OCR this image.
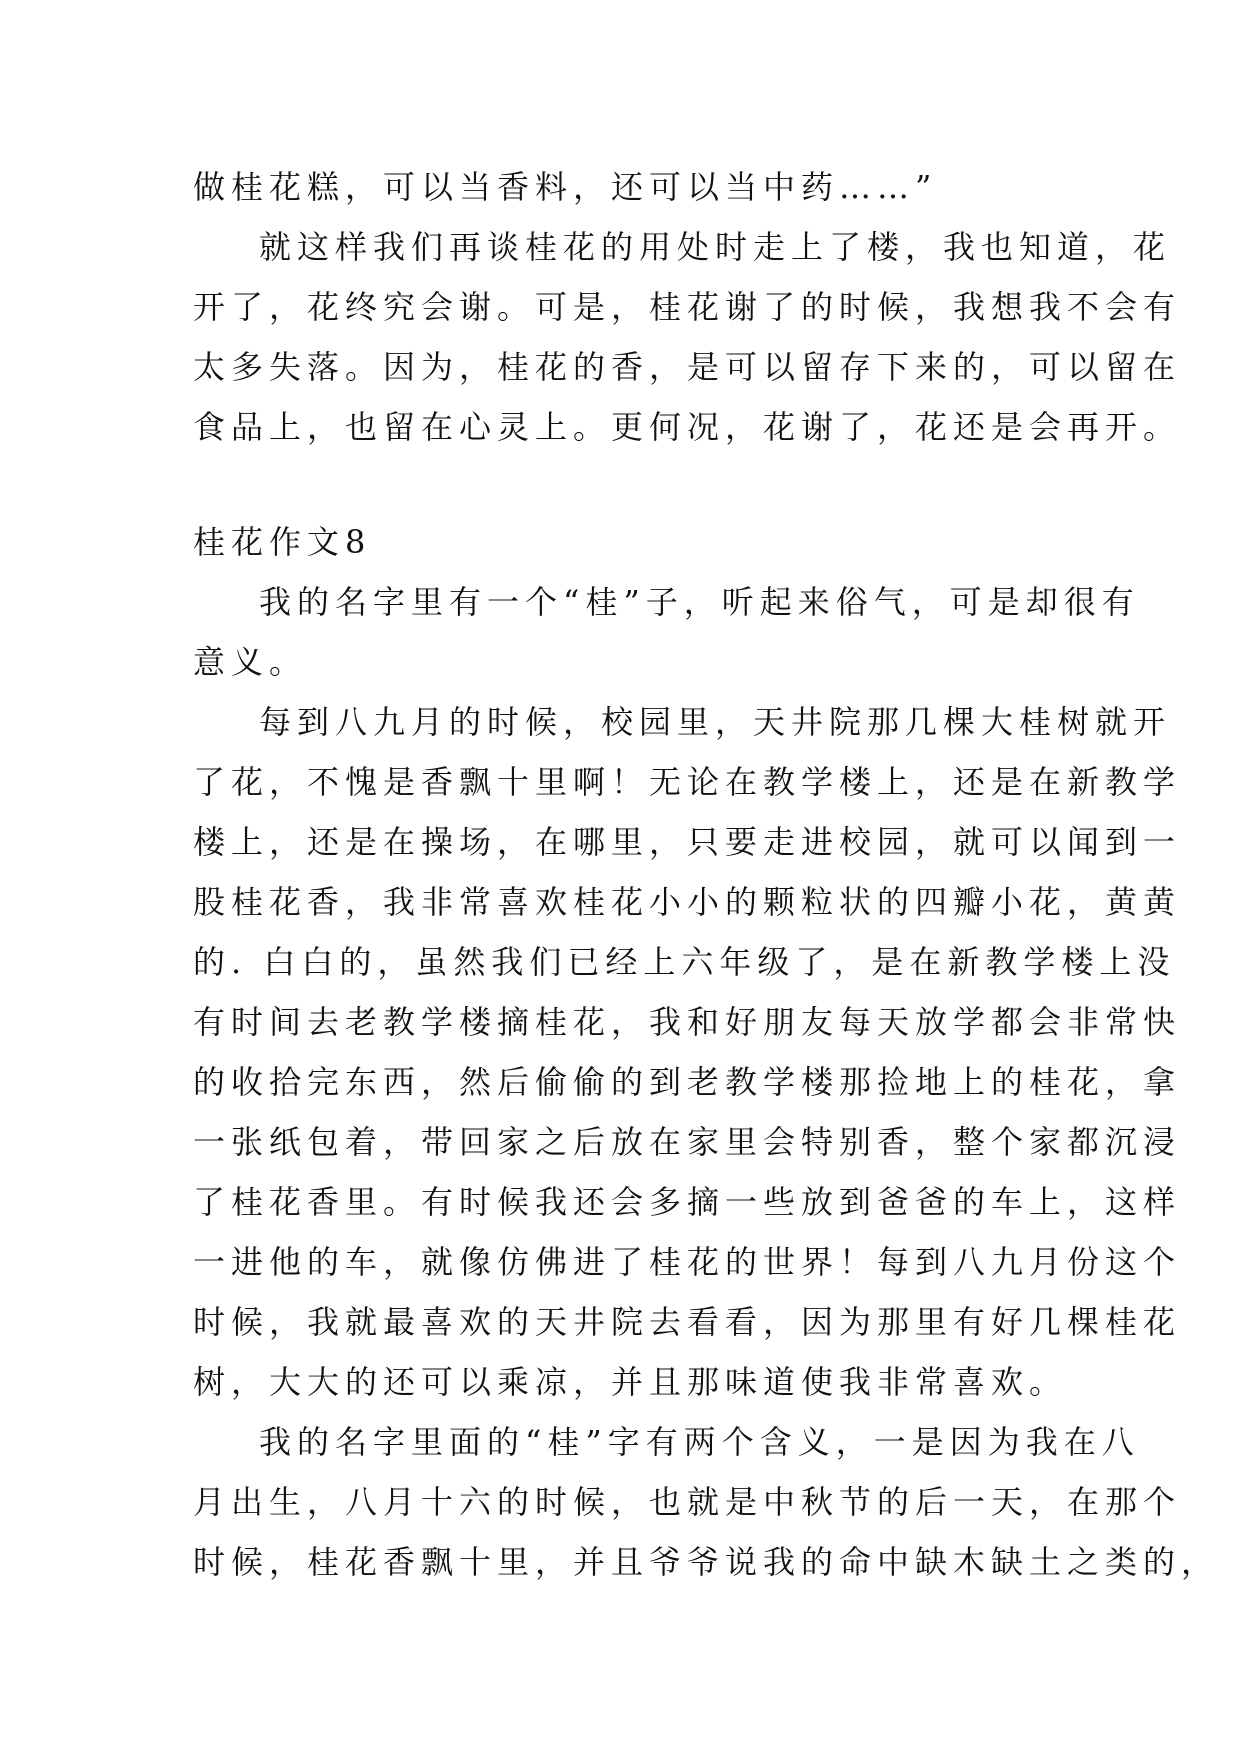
做桂花糕，可以当香料，还可以当中药……”
就这样我们再谈桂花的用处时走上了楼，我也知道，花
开了，花终究会谢。可是，桂花谢了的时候，我想我不会有
太多失落。因为，桂花的香，是可以留存下来的，可以留在
食品上，也留在心灵上。更何况，花谢了，花还是会再开。
桂花作文8
我的名字里有一个“桂”子，听起来俗气，可是却很有
意义。
每到八九月的时候，校园里，天井院那几棵大桂树就开
了花，不愧是香飘十里啊！无论在教学楼上，还是在新教学
楼上，还是在操场，在哪里，只要走进校园，就可以闻到一
股桂花香，我非常喜欢桂花小小的颗粒状的四瓣小花，黄黄
的. 白白的，虽然我们已经上六年级了，是在新教学楼上没
有时间去老教学楼摘桂花，我和好朋友每天放学都会非常快
的收拾完东西，然后偷偷的到老教学楼那捡地上的桂花，拿
一张纸包着，带回家之后放在家里会特别香，整个家都沉浸
了桂花香里。有时候我还会多摘一些放到爸爸的车上，这样
一进他的车，就像仿佛进了桂花的世界！每到八九月份这个
时候，我就最喜欢的天井院去看看，因为那里有好几棵桂花
树，大大的还可以乘凉，并且那味道使我非常喜欢。
我的名字里面的“桂”字有两个含义，一是因为我在八
月出生，八月十六的时候，也就是中秋节的后一天，在那个
时候，桂花香飘十里，并且爷爷说我的命中缺木缺土之类的，
